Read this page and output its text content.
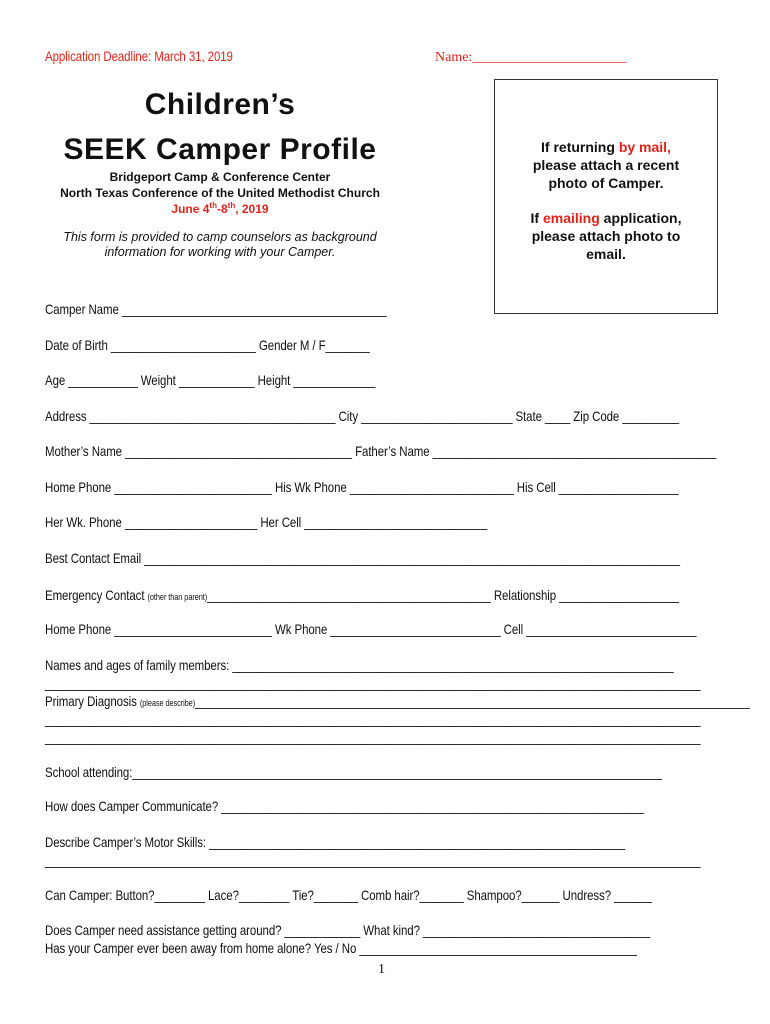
Application Deadline: March 31, 2019	Name:______________________
Children’s
SEEK Camper Profile
Bridgeport Camp & Conference Center
North Texas Conference of the United Methodist Church
June 4th-8th, 2019
This form is provided to camp counselors as background
information for working with your Camper.

If returning by mail,

please attach a recent

photo of Camper.

If emailing application,

please attach photo to

email.

Camper Name __________________________________________
Date of Birth _______________________ Gender M / F_______
Age ___________ Weight ____________ Height _____________
Address _______________________________________ City ________________________ State ____ Zip Code _________
Mother’s Name ____________________________________ Father’s Name _____________________________________________
Home Phone _________________________ His Wk Phone __________________________ His Cell ___________________
Her Wk. Phone _____________________ Her Cell _____________________________
Best Contact Email _____________________________________________________________________________________
Emergency Contact (other than parent)_____________________________________________ Relationship ___________________
Home Phone _________________________ Wk Phone ___________________________ Cell ___________________________
Names and ages of family members: ______________________________________________________________________
________________________________________________________________________________________________________
Primary Diagnosis (please describe)________________________________________________________________________________________
________________________________________________________________________________________________________
________________________________________________________________________________________________________
School attending:____________________________________________________________________________________
How does Camper Communicate? ___________________________________________________________________
Describe Camper’s Motor Skills: __________________________________________________________________
________________________________________________________________________________________________________
Can Camper: Button?________ Lace?________ Tie?_______ Comb hair?_______ Shampoo?______ Undress? ______
Does Camper need assistance getting around? ____________ What kind? ____________________________________
Has your Camper ever been away from home alone? Yes / No ____________________________________________
1
